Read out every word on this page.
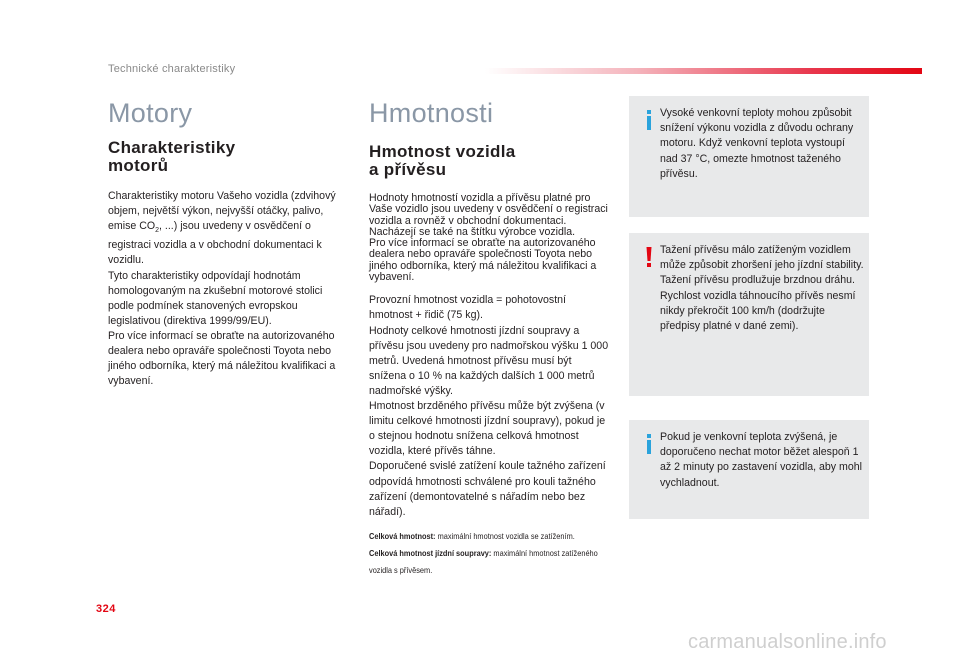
Technické charakteristiky
Motory
Charakteristiky
motorů

Charakteristiky motoru Vašeho vozidla (zdvihový objem, největší výkon, nejvyšší otáčky, palivo, emise $CO_2$, ...) jsou uvedeny v osvědčení o registraci vozidla a v obchodní dokumentaci k vozidlu.

Tyto charakteristiky odpovídají hodnotám homologovaným na zkušební motorové stolici podle podmínek stanovených evropskou legislativou (direktiva 1999/99/EU).

Pro více informací se obraťte na autorizovaného dealera nebo opraváře společnosti Toyota nebo jiného odborníka, který má náležitou kvalifikaci a vybavení.

Hmotnosti
Hmotnost vozidla
a přívěsu

Hodnoty hmotností vozidla a přívěsu platné pro Vaše vozidlo jsou uvedeny v osvědčení o registraci vozidla a rovněž v obchodní dokumentaci.

Nacházejí se také na štítku výrobce vozidla.

Pro více informací se obraťte na autorizovaného dealera nebo opraváře společnosti Toyota nebo jiného odborníka, který má náležitou kvalifikaci a vybavení.

Provozní hmotnost vozidla = pohotovostní hmotnost + řidič (75 kg).

Hodnoty celkové hmotnosti jízdní soupravy a přívěsu jsou uvedeny pro nadmořskou výšku 1 000 metrů. Uvedená hmotnost přívěsu musí být snížena o 10 % na každých dalších 1 000 metrů nadmořské výšky.

Hmotnost brzděného přívěsu může být zvýšena (v limitu celkové hmotnosti jízdní soupravy), pokud je o stejnou hodnotu snížena celková hmotnost vozidla, které přívěs táhne.

Doporučené svislé zatížení koule tažného zařízení odpovídá hmotnosti schválené pro kouli tažného zařízení (demontovatelné s nářadím nebo bez nářadí).

Celková hmotnost: maximální hmotnost vozidla se zatížením.
Celková hmotnost jízdní soupravy: maximální hmotnost zatíženého vozidla s přívěsem.

Vysoké venkovní teploty mohou způsobit snížení výkonu vozidla z důvodu ochrany motoru. Když venkovní teplota vystoupí nad 37 °C, omezte hmotnost taženého přívěsu.

Tažení přívěsu málo zatíženým vozidlem může způsobit zhoršení jeho jízdní stability.

Tažení přívěsu prodlužuje brzdnou dráhu.

Rychlost vozidla táhnoucího přívěs nesmí nikdy překročit 100 km/h (dodržujte předpisy platné v dané zemi).

Pokud je venkovní teplota zvýšená, je doporučeno nechat motor běžet alespoň 1 až 2 minuty po zastavení vozidla, aby mohl vychladnout.

324
carmanualsonline.info
